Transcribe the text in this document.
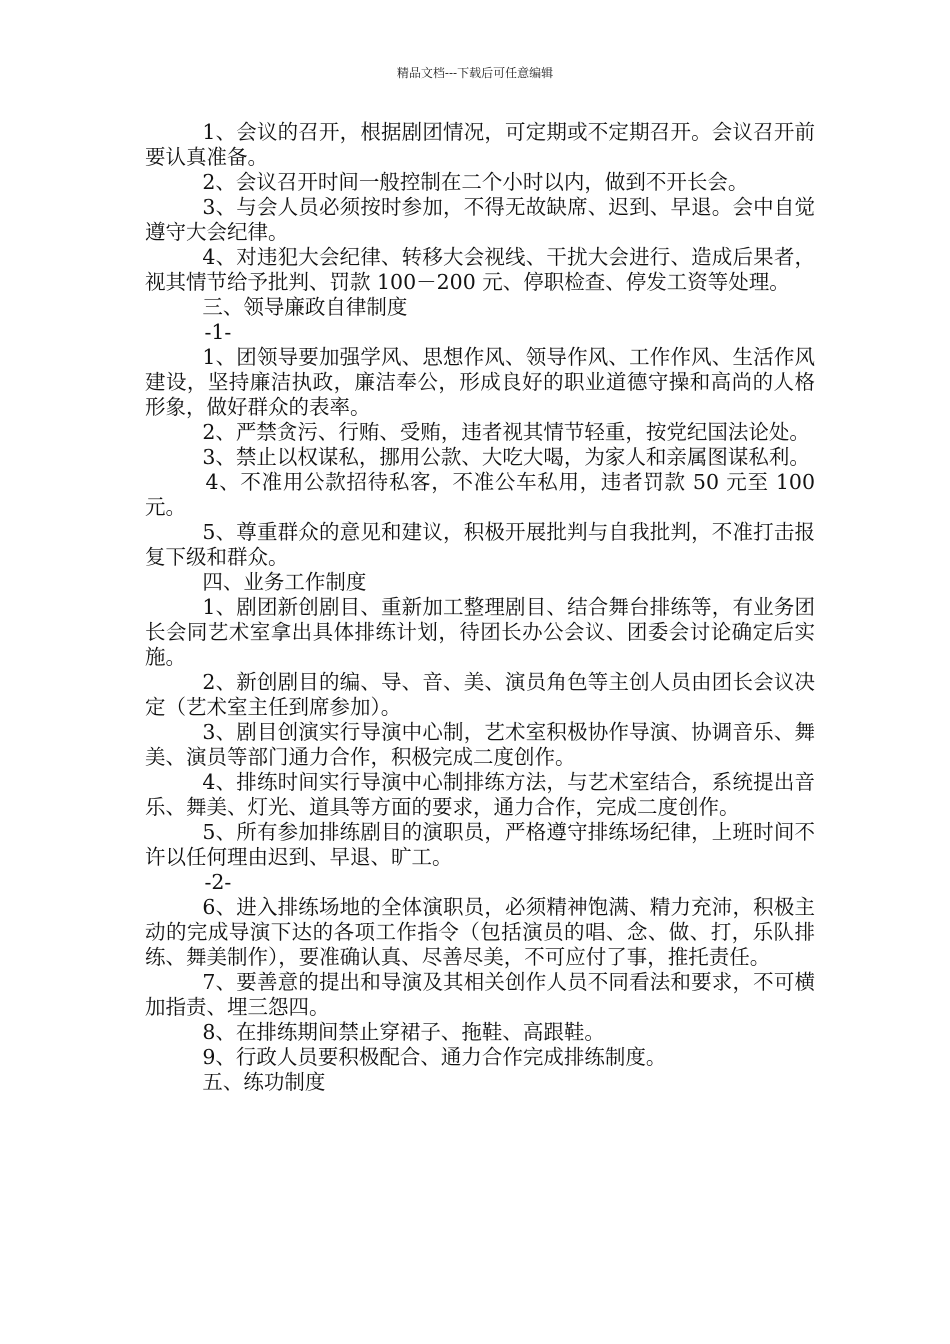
精品文档---下载后可任意编辑

1、会议的召开，根据剧团情况，可定期或不定期召开。会议召开前要认真准备。

2、会议召开时间一般控制在二个小时以内，做到不开长会。

3、与会人员必须按时参加，不得无故缺席、迟到、早退。会中自觉遵守大会纪律。

4、对违犯大会纪律、转移大会视线、干扰大会进行、造成后果者，视其情节给予批判、罚款 100－200 元、停职检查、停发工资等处理。

三、领导廉政自律制度

-1-

1、团领导要加强学风、思想作风、领导作风、工作作风、生活作风建设，坚持廉洁执政，廉洁奉公，形成良好的职业道德守操和高尚的人格形象，做好群众的表率。

2、严禁贪污、行贿、受贿，违者视其情节轻重，按党纪国法论处。

3、禁止以权谋私，挪用公款、大吃大喝，为家人和亲属图谋私利。

4、不准用公款招待私客，不准公车私用，违者罚款 50 元至 100 元。

5、尊重群众的意见和建议，积极开展批判与自我批判，不准打击报复下级和群众。

四、业务工作制度

1、剧团新创剧目、重新加工整理剧目、结合舞台排练等，有业务团长会同艺术室拿出具体排练计划，待团长办公会议、团委会讨论确定后实施。

2、新创剧目的编、导、音、美、演员角色等主创人员由团长会议决定（艺术室主任到席参加）。

3、剧目创演实行导演中心制，艺术室积极协作导演、协调音乐、舞美、演员等部门通力合作，积极完成二度创作。

4、排练时间实行导演中心制排练方法，与艺术室结合，系统提出音乐、舞美、灯光、道具等方面的要求，通力合作，完成二度创作。

5、所有参加排练剧目的演职员，严格遵守排练场纪律，上班时间不许以任何理由迟到、早退、旷工。

-2-

6、进入排练场地的全体演职员，必须精神饱满、精力充沛，积极主动的完成导演下达的各项工作指令（包括演员的唱、念、做、打，乐队排练、舞美制作），要准确认真、尽善尽美，不可应付了事，推托责任。

7、要善意的提出和导演及其相关创作人员不同看法和要求，不可横加指责、埋三怨四。

8、在排练期间禁止穿裙子、拖鞋、高跟鞋。

9、行政人员要积极配合、通力合作完成排练制度。

五、练功制度
